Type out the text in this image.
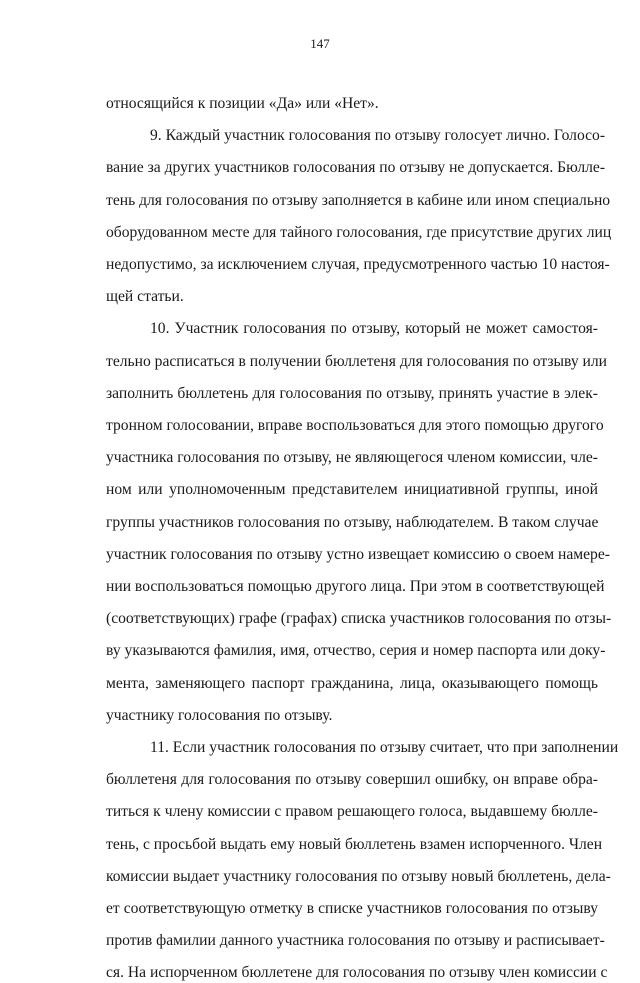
147
относящийся к позиции «Да» или «Нет».
9. Каждый участник голосования по отзыву голосует лично. Голосо-
вание за других участников голосования по отзыву не допускается. Бюлле-
тень для голосования по отзыву заполняется в кабине или ином специально
оборудованном месте для тайного голосования, где присутствие других лиц
недопустимо, за исключением случая, предусмотренного частью 10 настоя-
щей статьи.
10. Участник голосования по отзыву, который не может самостоя-
тельно расписаться в получении бюллетеня для голосования по отзыву или
заполнить бюллетень для голосования по отзыву, принять участие в элек-
тронном голосовании, вправе воспользоваться для этого помощью другого
участника голосования по отзыву, не являющегося членом комиссии, чле-
ном или уполномоченным представителем инициативной группы, иной
группы участников голосования по отзыву, наблюдателем. В таком случае
участник голосования по отзыву устно извещает комиссию о своем намере-
нии воспользоваться помощью другого лица. При этом в соответствующей
(соответствующих) графе (графах) списка участников голосования по отзы-
ву указываются фамилия, имя, отчество, серия и номер паспорта или доку-
мента, заменяющего паспорт гражданина, лица, оказывающего помощь
участнику голосования по отзыву.
11. Если участник голосования по отзыву считает, что при заполнении
бюллетеня для голосования по отзыву совершил ошибку, он вправе обра-
титься к члену комиссии с правом решающего голоса, выдавшему бюлле-
тень, с просьбой выдать ему новый бюллетень взамен испорченного. Член
комиссии выдает участнику голосования по отзыву новый бюллетень, дела-
ет соответствующую отметку в списке участников голосования по отзыву
против фамилии данного участника голосования по отзыву и расписывает-
ся. На испорченном бюллетене для голосования по отзыву член комиссии с
